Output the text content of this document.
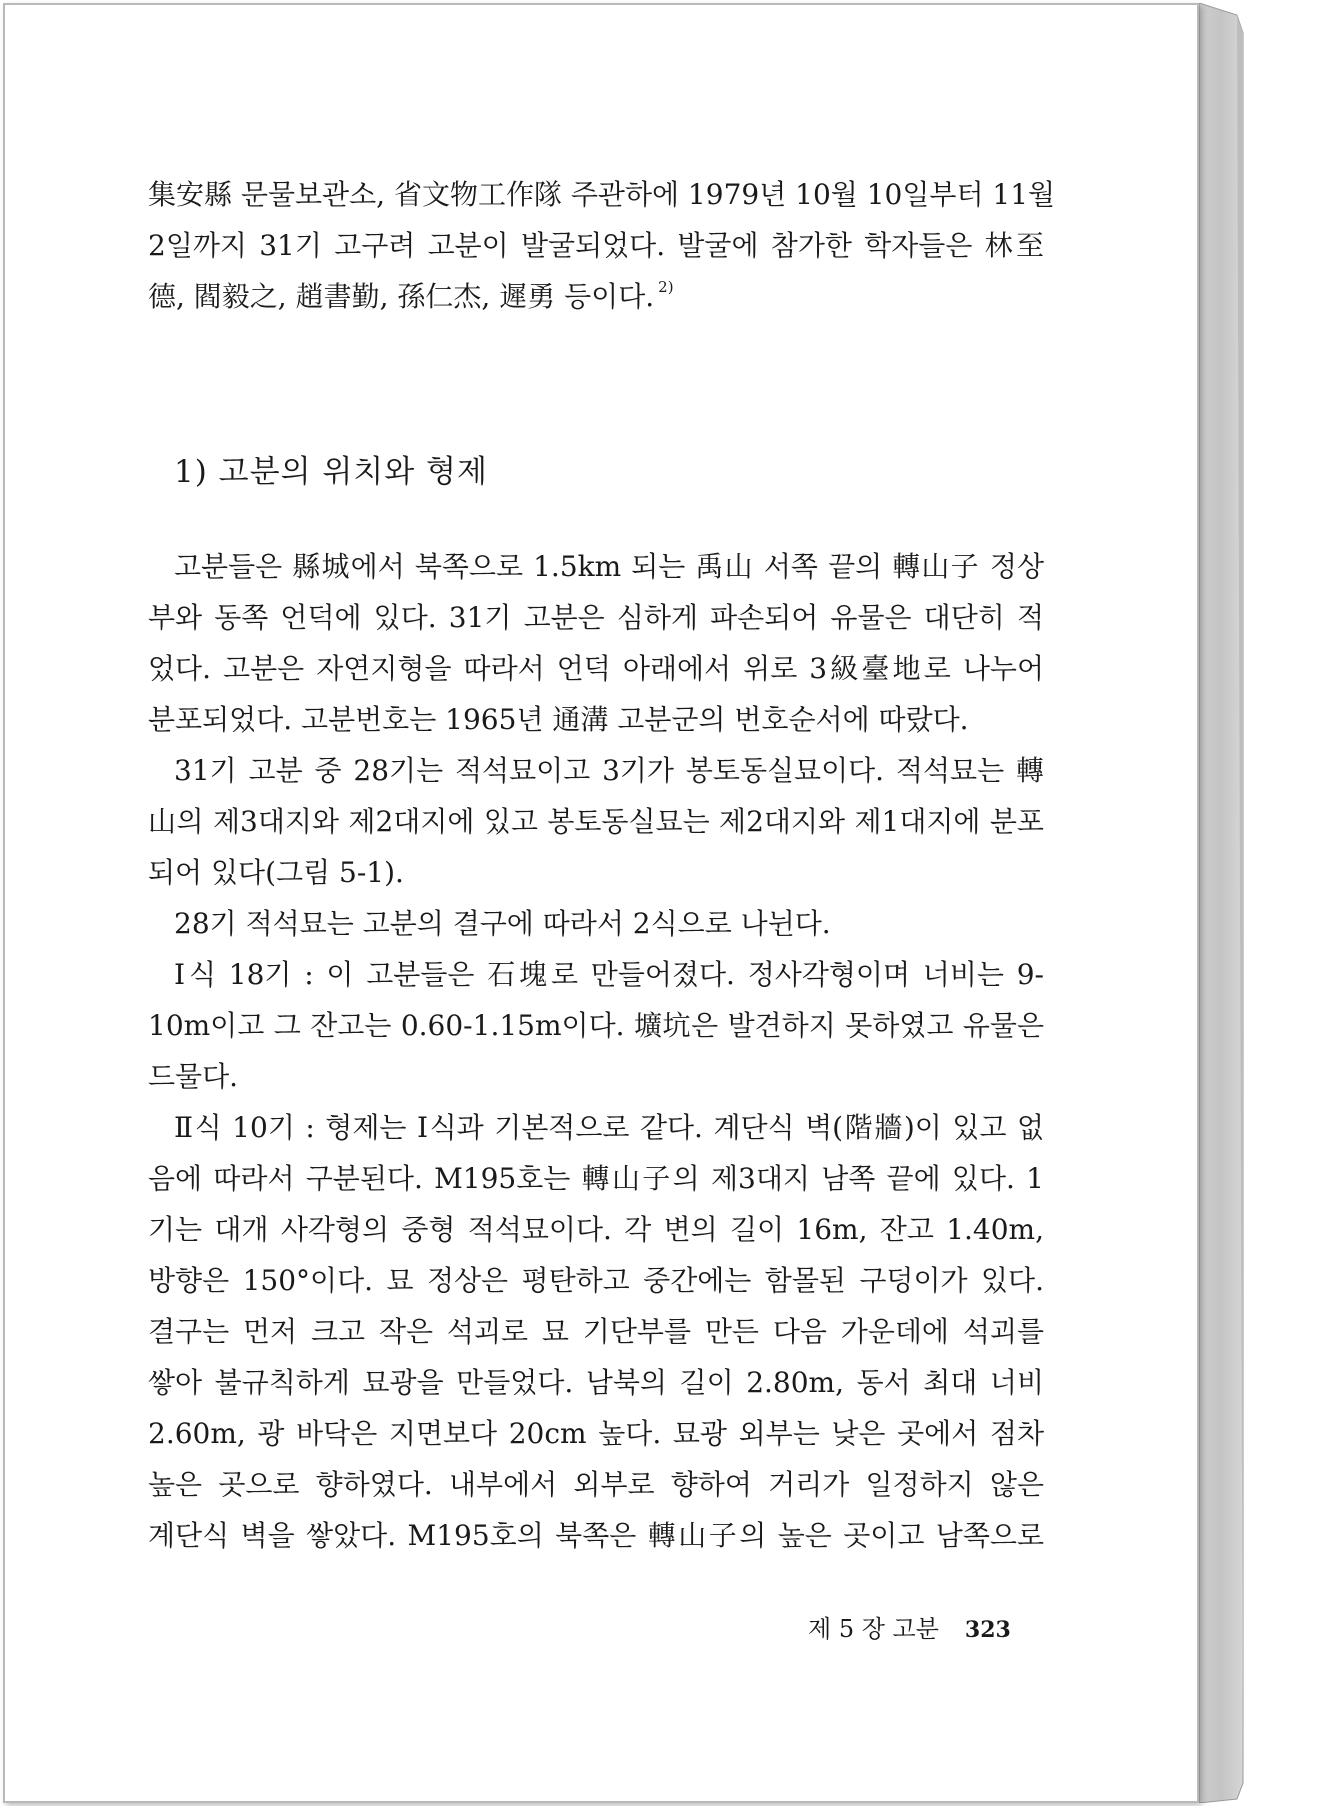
集安縣 문물보관소, 省文物工作隊 주관하에 1979년 10월 10일부터 11월
2일까지 31기 고구려 고분이 발굴되었다. 발굴에 참가한 학자들은 林至
德, 閻毅之, 趙書勤, 孫仁杰, 遲勇 등이다. $^{2)}$
1) 고분의 위치와 형제
고분들은 縣城에서 북쪽으로 1.5km 되는 禹山 서쪽 끝의 轉山子 정상
부와 동쪽 언덕에 있다. 31기 고분은 심하게 파손되어 유물은 대단히 적
었다. 고분은 자연지형을 따라서 언덕 아래에서 위로 3級臺地로 나누어
분포되었다. 고분번호는 1965년 通溝 고분군의 번호순서에 따랐다.
31기 고분 중 28기는 적석묘이고 3기가 봉토동실묘이다. 적석묘는 轉
山의 제3대지와 제2대지에 있고 봉토동실묘는 제2대지와 제1대지에 분포
되어 있다(그림 5-1).
28기 적석묘는 고분의 결구에 따라서 2식으로 나뉜다.
Ⅰ식 18기 : 이 고분들은 石塊로 만들어졌다. 정사각형이며 너비는 9-
10m이고 그 잔고는 0.60-1.15m이다. 壙坑은 발견하지 못하였고 유물은
드물다.
Ⅱ식 10기 : 형제는 Ⅰ식과 기본적으로 같다. 계단식 벽(階牆)이 있고 없
음에 따라서 구분된다. M195호는 轉山子의 제3대지 남쪽 끝에 있다. 1
기는 대개 사각형의 중형 적석묘이다. 각 변의 길이 16m, 잔고 1.40m,
방향은 150°이다. 묘 정상은 평탄하고 중간에는 함몰된 구덩이가 있다.
결구는 먼저 크고 작은 석괴로 묘 기단부를 만든 다음 가운데에 석괴를
쌓아 불규칙하게 묘광을 만들었다. 남북의 길이 2.80m, 동서 최대 너비
2.60m, 광 바닥은 지면보다 20cm 높다. 묘광 외부는 낮은 곳에서 점차
높은 곳으로 향하였다. 내부에서 외부로 향하여 거리가 일정하지 않은
계단식 벽을 쌓았다. M195호의 북쪽은 轉山子의 높은 곳이고 남쪽으로
제 5 장 고분 323
